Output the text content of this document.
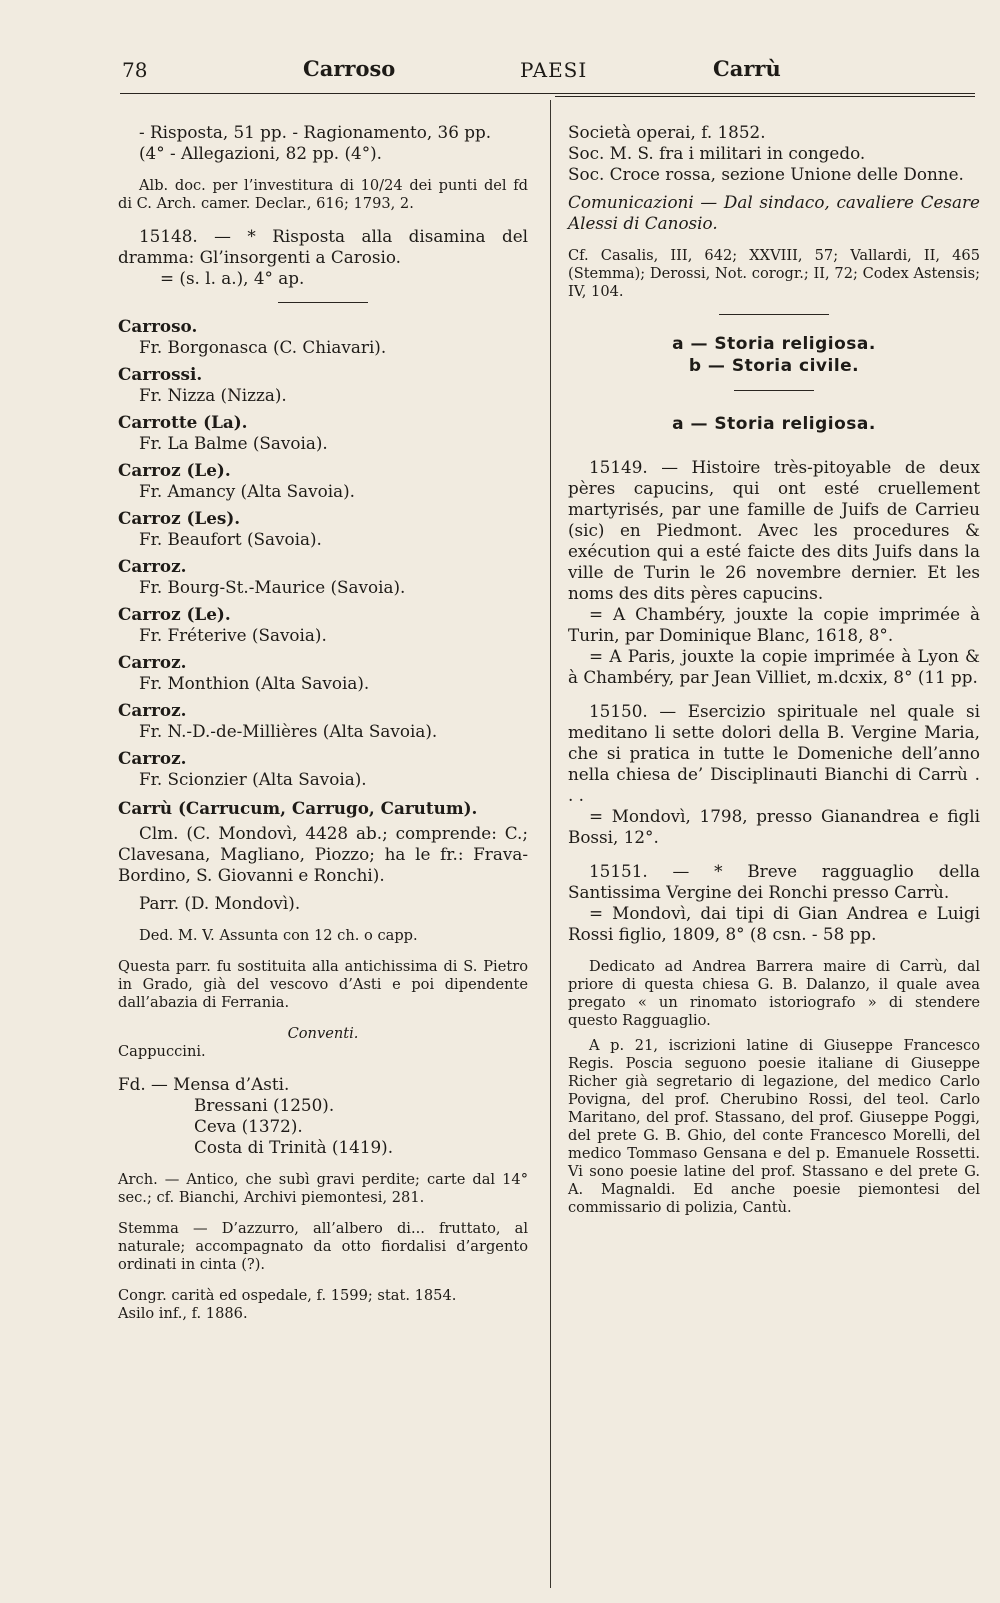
78	Carroso	PAESI	Carrù

- Risposta, 51 pp. - Ragionamento, 36 pp.

(4° - Allegazioni, 82 pp. (4°).

Alb. doc. per l’investitura di 10/24 dei punti del fd di C. Arch. camer. Declar., 616; 1793, 2.

15148. — * Risposta alla disamina del dramma: Gl’insorgenti a Carosio.

= (s. l. a.), 4° ap.

Carroso.

Fr. Borgonasca (C. Chiavari).

Carrossi.

Fr. Nizza (Nizza).

Carrotte (La).

Fr. La Balme (Savoia).

Carroz (Le).

Fr. Amancy (Alta Savoia).

Carroz (Les).

Fr. Beaufort (Savoia).

Carroz.

Fr. Bourg-St.-Maurice (Savoia).

Carroz (Le).

Fr. Fréterive (Savoia).

Carroz.

Fr. Monthion (Alta Savoia).

Carroz.

Fr. N.-D.-de-Millières (Alta Savoia).

Carroz.

Fr. Scionzier (Alta Savoia).

Carrù (Carrucum, Carrugo, Carutum).

Clm. (C. Mondovì, 4428 ab.; comprende: C.; Clavesana, Magliano, Piozzo; ha le fr.: Frava-Bordino, S. Giovanni e Ronchi).

Parr. (D. Mondovì).

Ded. M. V. Assunta con 12 ch. o capp.

Questa parr. fu sostituita alla antichissima di S. Pietro in Grado, già del vescovo d’Asti e poi dipendente dall’abazia di Ferrania.

Conventi.

Cappuccini.

Fd. — Mensa d’Asti.

Bressani (1250).

Ceva (1372).

Costa di Trinità (1419).

Arch. — Antico, che subì gravi perdite; carte dal 14° sec.; cf. Bianchi, Archivi piemontesi, 281.

Stemma — D’azzurro, all’albero di... fruttato, al naturale; accompagnato da otto fiordalisi d’argento ordinati in cinta (?).

Congr. carità ed ospedale, f. 1599; stat. 1854.

Asilo inf., f. 1886.

Società operai, f. 1852.

Soc. M. S. fra i militari in congedo.

Soc. Croce rossa, sezione Unione delle Donne.

Comunicazioni — Dal sindaco, cavaliere Cesare Alessi di Canosio.

Cf. Casalis, III, 642; XXVIII, 57; Vallardi, II, 465 (Stemma); Derossi, Not. corogr.; II, 72; Codex Astensis; IV, 104.

a — Storia religiosa.

b — Storia civile.

a — Storia religiosa.

15149. — Histoire très-pitoyable de deux pères capucins, qui ont esté cruellement martyrisés, par une famille de Juifs de Carrieu (sic) en Piedmont. Avec les procedures & exécution qui a esté faicte des dits Juifs dans la ville de Turin le 26 novembre dernier. Et les noms des dits pères capucins.

= A Chambéry, jouxte la copie imprimée à Turin, par Dominique Blanc, 1618, 8°.

= A Paris, jouxte la copie imprimée à Lyon & à Chambéry, par Jean Villiet, m.dcxix, 8° (11 pp.

15150. — Esercizio spirituale nel quale si meditano li sette dolori della B. Vergine Maria, che si pratica in tutte le Domeniche dell’anno nella chiesa de’ Disciplinauti Bianchi di Carrù . . .

= Mondovì, 1798, presso Gianandrea e figli Bossi, 12°.

15151. — * Breve ragguaglio della Santissima Vergine dei Ronchi presso Carrù.

= Mondovì, dai tipi di Gian Andrea e Luigi Rossi figlio, 1809, 8° (8 csn. - 58 pp.

Dedicato ad Andrea Barrera maire di Carrù, dal priore di questa chiesa G. B. Dalanzo, il quale avea pregato « un rinomato istoriografo » di stendere questo Ragguaglio.

A p. 21, iscrizioni latine di Giuseppe Francesco Regis. Poscia seguono poesie italiane di Giuseppe Richer già segretario di legazione, del medico Carlo Povigna, del prof. Cherubino Rossi, del teol. Carlo Maritano, del prof. Stassano, del prof. Giuseppe Poggi, del prete G. B. Ghio, del conte Francesco Morelli, del medico Tommaso Gensana e del p. Emanuele Rossetti. Vi sono poesie latine del prof. Stassano e del prete G. A. Magnaldi. Ed anche poesie piemontesi del commissario di polizia, Cantù.
